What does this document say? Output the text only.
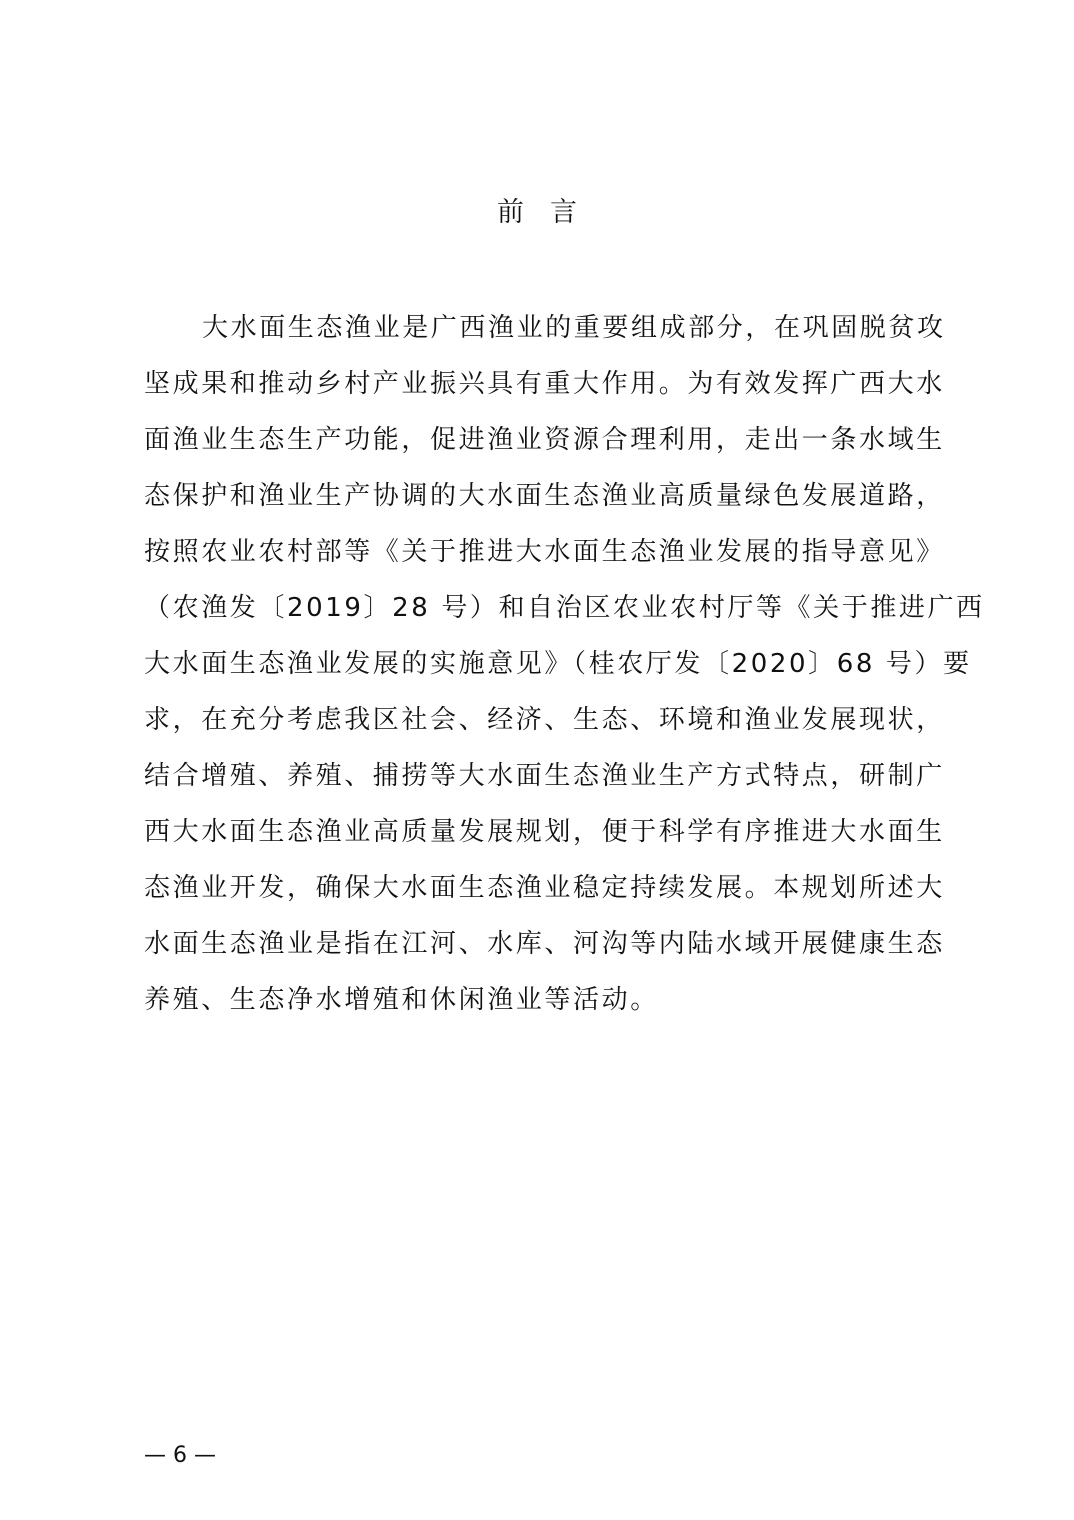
前言
大水面生态渔业是广西渔业的重要组成部分，在巩固脱贫攻
坚成果和推动乡村产业振兴具有重大作用。为有效发挥广西大水
面渔业生态生产功能，促进渔业资源合理利用，走出一条水域生
态保护和渔业生产协调的大水面生态渔业高质量绿色发展道路，
按照农业农村部等《关于推进大水面生态渔业发展的指导意见》
（农渔发〔2019〕28 号）和自治区农业农村厅等《关于推进广西
大水面生态渔业发展的实施意见》（桂农厅发〔2020〕68 号）要
求，在充分考虑我区社会、经济、生态、环境和渔业发展现状，
结合增殖、养殖、捕捞等大水面生态渔业生产方式特点，研制广
西大水面生态渔业高质量发展规划，便于科学有序推进大水面生
态渔业开发，确保大水面生态渔业稳定持续发展。本规划所述大
水面生态渔业是指在江河、水库、河沟等内陆水域开展健康生态
养殖、生态净水增殖和休闲渔业等活动。
— 6 —
